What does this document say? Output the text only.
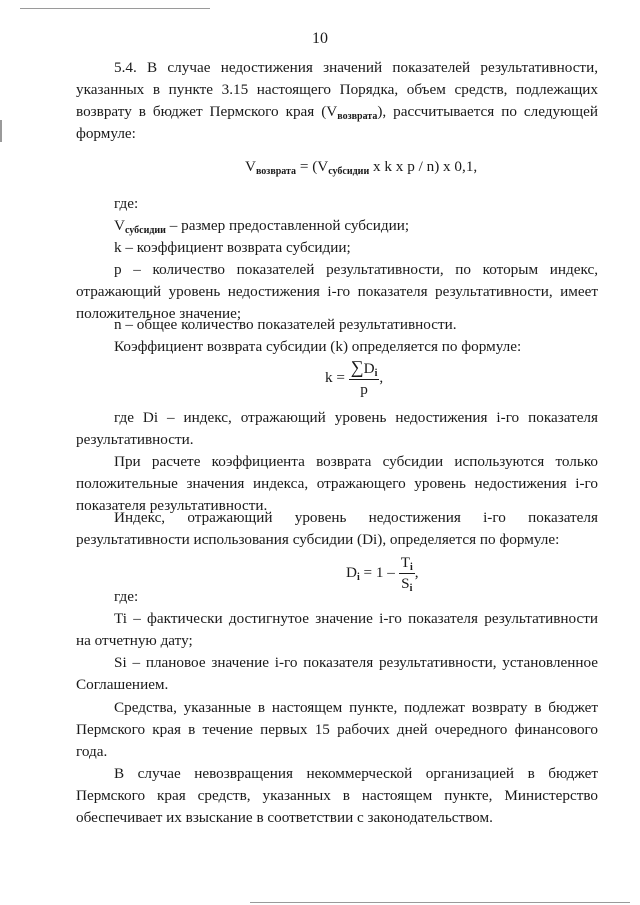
10

5.4. В случае недостижения значений показателей результативности, указанных в пункте 3.15 настоящего Порядка, объем средств, подлежащих возврату в бюджет Пермского края $(V_{возврата})$, рассчитывается по следующей формуле:

$V_{возврата} = (V_{субсидии}$ x k x p / n) x 0,1,
где:
$V_{субсидии}$ – размер предоставленной субсидии;
k – коэффициент возврата субсидии;

p – количество показателей результативности, по которым индекс, отражающий уровень недостижения i-го показателя результативности, имеет положительное значение;

n – общее количество показателей результативности.
Коэффициент возврата субсидии (k) определяется по формуле:
$k = \frac{\sum D_i}{p}$ ,

где Di – индекс, отражающий уровень недостижения i-го показателя результативности.

При расчете коэффициента возврата субсидии используются только положительные значения индекса, отражающего уровень недостижения i-го показателя результативности.

Индекс, отражающий уровень недостижения i-го показателя результативности использования субсидии (Di), определяется по формуле:

$D_i = 1 - \frac{T_i}{S_i}$ ,
где:

Ti – фактически достигнутое значение i-го показателя результативности на отчетную дату;

Si – плановое значение i-го показателя результативности, установленное Соглашением.

Средства, указанные в настоящем пункте, подлежат возврату в бюджет Пермского края в течение первых 15 рабочих дней очередного финансового года.

В случае невозвращения некоммерческой организацией в бюджет Пермского края средств, указанных в настоящем пункте, Министерство обеспечивает их взыскание в соответствии с законодательством.
